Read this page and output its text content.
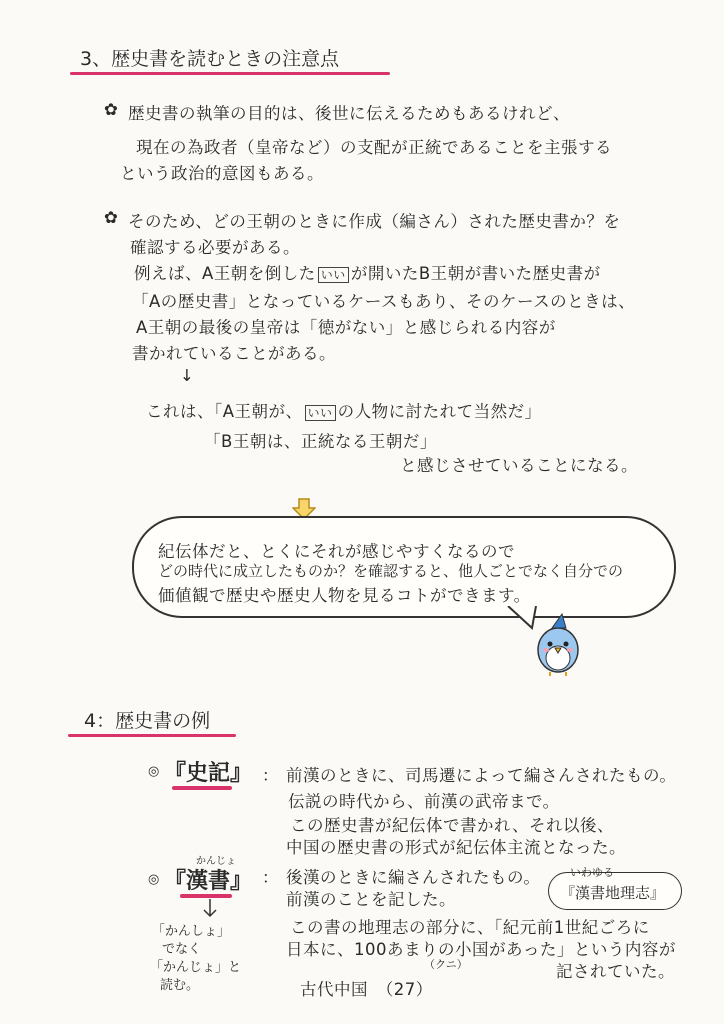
3、歴史書を読むときの注意点
✿ 歴史書の執筆の目的は、後世に伝えるためもあるけれど、
現在の為政者（皇帝など）の支配が正統であることを主張する
という政治的意図もある。
✿ そのため、どの王朝のときに作成（編さん）された歴史書か？を
確認する必要がある。
例えば、A王朝を倒した いい が開いたB王朝が書いた歴史書が
「Aの歴史書」となっているケースもあり、そのケースのときは、
A王朝の最後の皇帝は「徳がない」と感じられる内容が
書かれていることがある。
↓
これは、「A王朝が、 いい の人物に討たれて当然だ」
「B王朝は、正統なる王朝だ」
と感じさせていることになる。
紀伝体だと、とくにそれが感じやすくなるので
どの時代に成立したものか？を確認すると、他人ごとでなく自分での
価値観で歴史や歴史人物を見るコトができます。
4：歴史書の例
◎ 『史記』 ： 前漢のときに、司馬遷によって編さんされたもの。
伝説の時代から、前漢の武帝まで。
この歴史書が紀伝体で書かれ、それ以後、
中国の歴史書の形式が紀伝体主流となった。
かんじょ
◎ 『漢書』 ： 後漢のときに編さんされたもの。
前漢のことを記した。
いわゆる
『漢書地理志』
「かんしょ」
でなく
「かんじょ」と
読む。
この書の地理志の部分に、「紀元前1世紀ごろに
日本に、100あまりの小国があった」という内容が
（クニ）	記されていた。
古代中国　（27）
